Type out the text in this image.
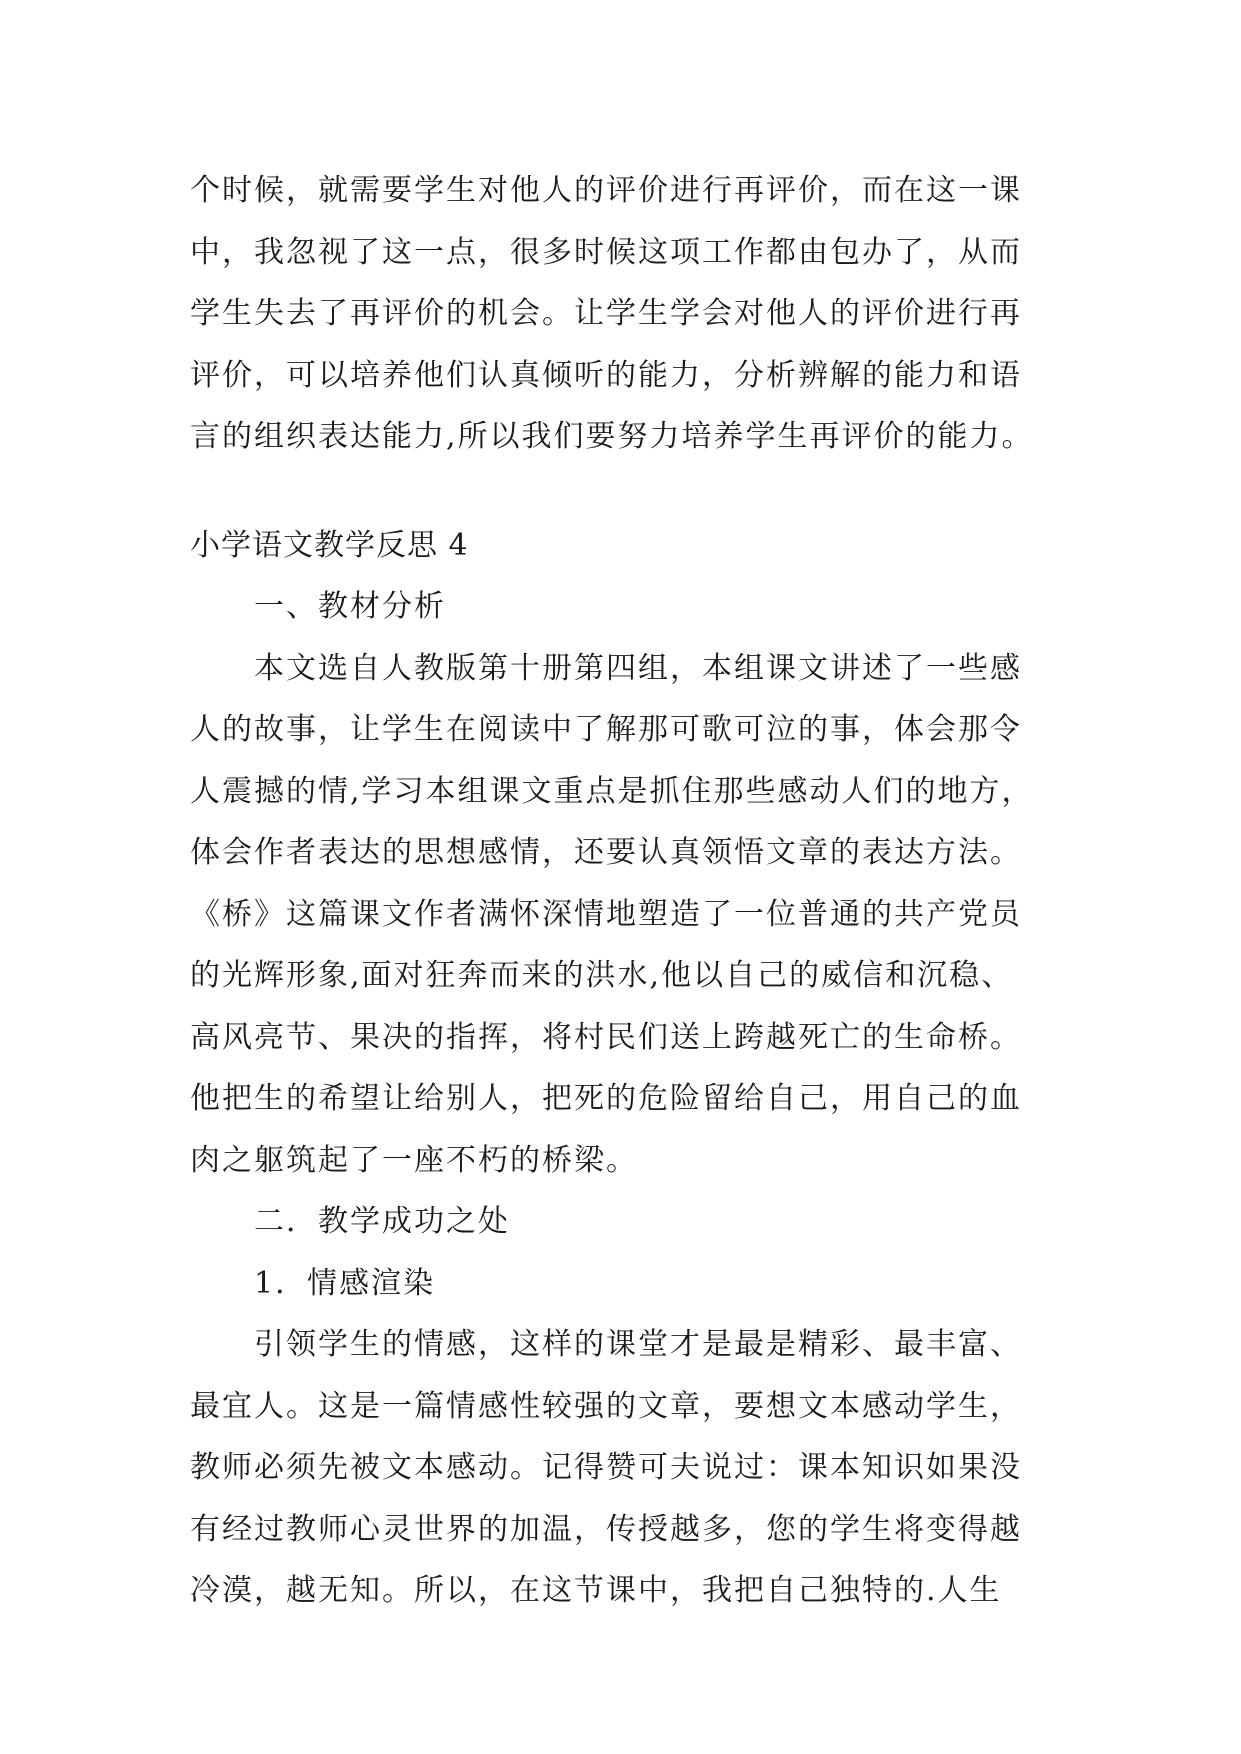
个时候，就需要学生对他人的评价进行再评价，而在这一课
中，我忽视了这一点，很多时候这项工作都由包办了，从而
学生失去了再评价的机会。让学生学会对他人的评价进行再
评价，可以培养他们认真倾听的能力，分析辨解的能力和语
言的组织表达能力,所以我们要努力培养学生再评价的能力。
小学语文教学反思 4
一、教材分析
本文选自人教版第十册第四组，本组课文讲述了一些感
人的故事，让学生在阅读中了解那可歌可泣的事，体会那令
人震撼的情,学习本组课文重点是抓住那些感动人们的地方，
体会作者表达的思想感情，还要认真领悟文章的表达方法。
《桥》这篇课文作者满怀深情地塑造了一位普通的共产党员
的光辉形象,面对狂奔而来的洪水,他以自己的威信和沉稳、
高风亮节、果决的指挥，将村民们送上跨越死亡的生命桥。
他把生的希望让给别人，把死的危险留给自己，用自己的血
肉之躯筑起了一座不朽的桥梁。
二．教学成功之处
1．情感渲染
引领学生的情感，这样的课堂才是最是精彩、最丰富、
最宜人。这是一篇情感性较强的文章，要想文本感动学生，
教师必须先被文本感动。记得赞可夫说过：课本知识如果没
有经过教师心灵世界的加温，传授越多，您的学生将变得越
冷漠，越无知。所以，在这节课中，我把自己独特的.人生
